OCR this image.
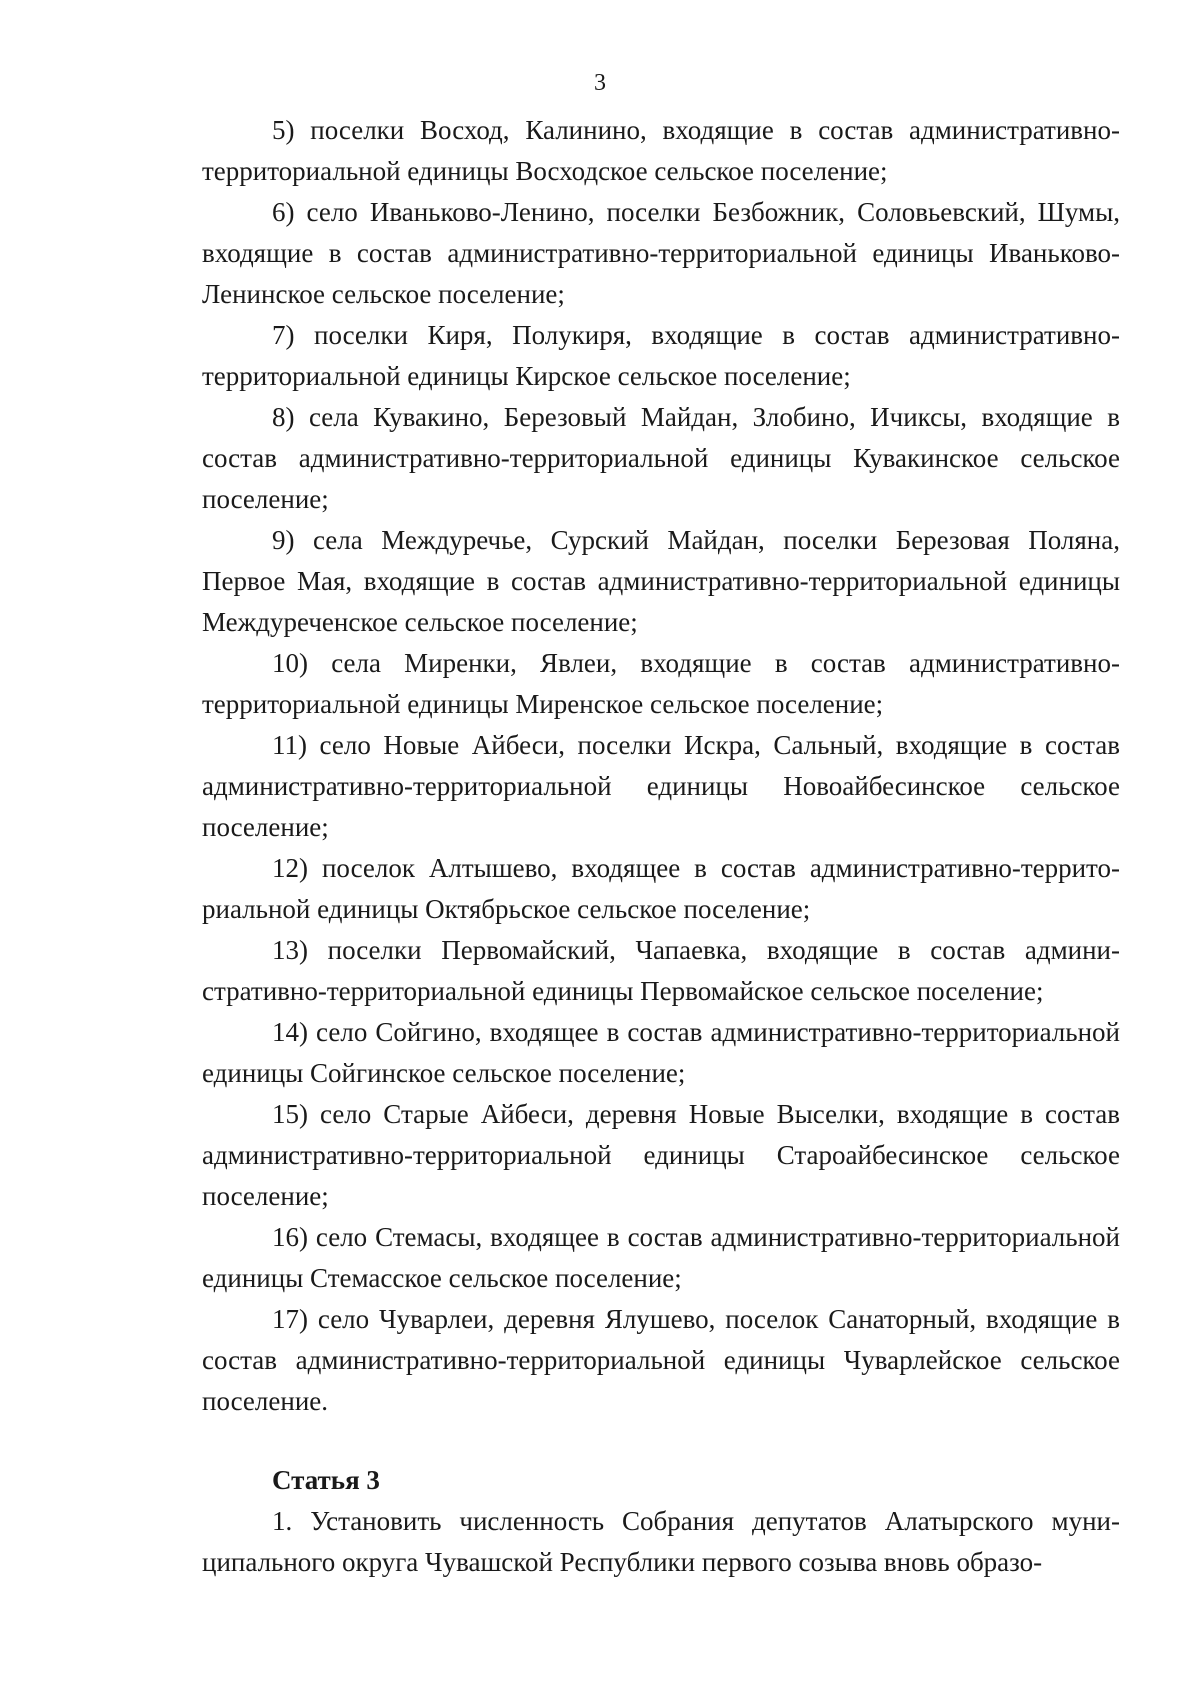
3

5) поселки Восход, Калинино, входящие в состав административно-территориальной единицы Восходское сельское поселение;

6) село Иваньково-Ленино, поселки Безбожник, Соловьевский, Шумы, входящие в состав административно-территориальной единицы Иваньково-Ленинское сельское поселение;

7) поселки Киря, Полукиря, входящие в состав административно-территориальной единицы Кирское сельское поселение;

8) села Кувакино, Березовый Майдан, Злобино, Ичиксы, входящие в состав административно-территориальной единицы Кувакинское сельское поселение;

9) села Междуречье, Сурский Майдан, поселки Березовая Поляна, Первое Мая, входящие в состав административно-территориальной единицы Междуреченское сельское поселение;

10) села Миренки, Явлеи, входящие в состав административно-территориальной единицы Миренское сельское поселение;

11) село Новые Айбеси, поселки Искра, Сальный, входящие в состав административно-территориальной единицы Новоайбесинское сельское поселение;

12) поселок Алтышево, входящее в состав административно-территориальной единицы Октябрьское сельское поселение;

13) поселки Первомайский, Чапаевка, входящие в состав административно-территориальной единицы Первомайское сельское поселение;

14) село Сойгино, входящее в состав административно-территориальной единицы Сойгинское сельское поселение;

15) село Старые Айбеси, деревня Новые Выселки, входящие в состав административно-территориальной единицы Староайбесинское сельское поселение;

16) село Стемасы, входящее в состав административно-территориальной единицы Стемасское сельское поселение;

17) село Чуварлеи, деревня Ялушево, поселок Санаторный, входящие в состав административно-территориальной единицы Чуварлейское сельское поселение.

Статья 3

1. Установить численность Собрания депутатов Алатырского муниципального округа Чувашской Республики первого созыва вновь образо-
